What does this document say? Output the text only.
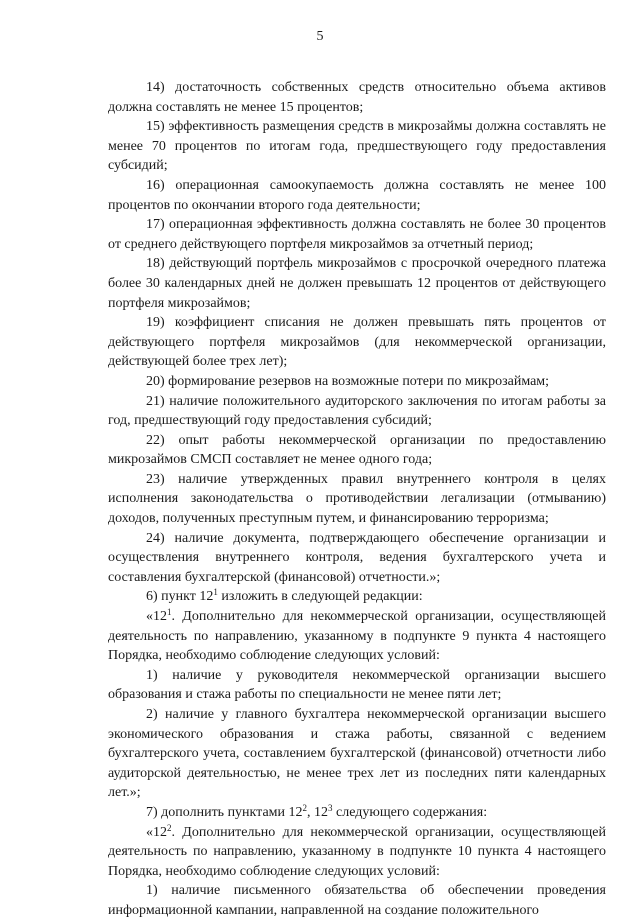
5

14) достаточность собственных средств относительно объема активов должна составлять не менее 15 процентов;

15) эффективность размещения средств в микрозаймы должна составлять не менее 70 процентов по итогам года, предшествующего году предоставления субсидий;

16) операционная самоокупаемость должна составлять не менее 100 процентов по окончании второго года деятельности;

17) операционная эффективность должна составлять не более 30 процентов от среднего действующего портфеля микрозаймов за отчетный период;

18) действующий портфель микрозаймов с просрочкой очередного платежа более 30 календарных дней не должен превышать 12 процентов от действующего портфеля микрозаймов;

19) коэффициент списания не должен превышать пять процентов от действующего портфеля микрозаймов (для некоммерческой организации, действующей более трех лет);

20) формирование резервов на возможные потери по микрозаймам;

21) наличие положительного аудиторского заключения по итогам работы за год, предшествующий году предоставления субсидий;

22) опыт работы некоммерческой организации по предоставлению микрозаймов СМСП составляет не менее одного года;

23) наличие утвержденных правил внутреннего контроля в целях исполнения законодательства о противодействии легализации (отмыванию) доходов, полученных преступным путем, и финансированию терроризма;

24) наличие документа, подтверждающего обеспечение организации и осуществления внутреннего контроля, ведения бухгалтерского учета и составления бухгалтерской (финансовой) отчетности.»;

6) пункт $12^1$ изложить в следующей редакции:

«$12^1$. Дополнительно для некоммерческой организации, осуществляющей деятельность по направлению, указанному в подпункте 9 пункта 4 настоящего Порядка, необходимо соблюдение следующих условий:

1) наличие у руководителя некоммерческой организации высшего образования и стажа работы по специальности не менее пяти лет;

2) наличие у главного бухгалтера некоммерческой организации высшего экономического образования и стажа работы, связанной с ведением бухгалтерского учета, составлением бухгалтерской (финансовой) отчетности либо аудиторской деятельностью, не менее трех лет из последних пяти календарных лет.»;

7) дополнить пунктами $12^2$, $12^3$ следующего содержания:

«$12^2$. Дополнительно для некоммерческой организации, осуществляющей деятельность по направлению, указанному в подпункте 10 пункта 4 настоящего Порядка, необходимо соблюдение следующих условий:

1) наличие письменного обязательства об обеспечении проведения информационной кампании, направленной на создание положительного
